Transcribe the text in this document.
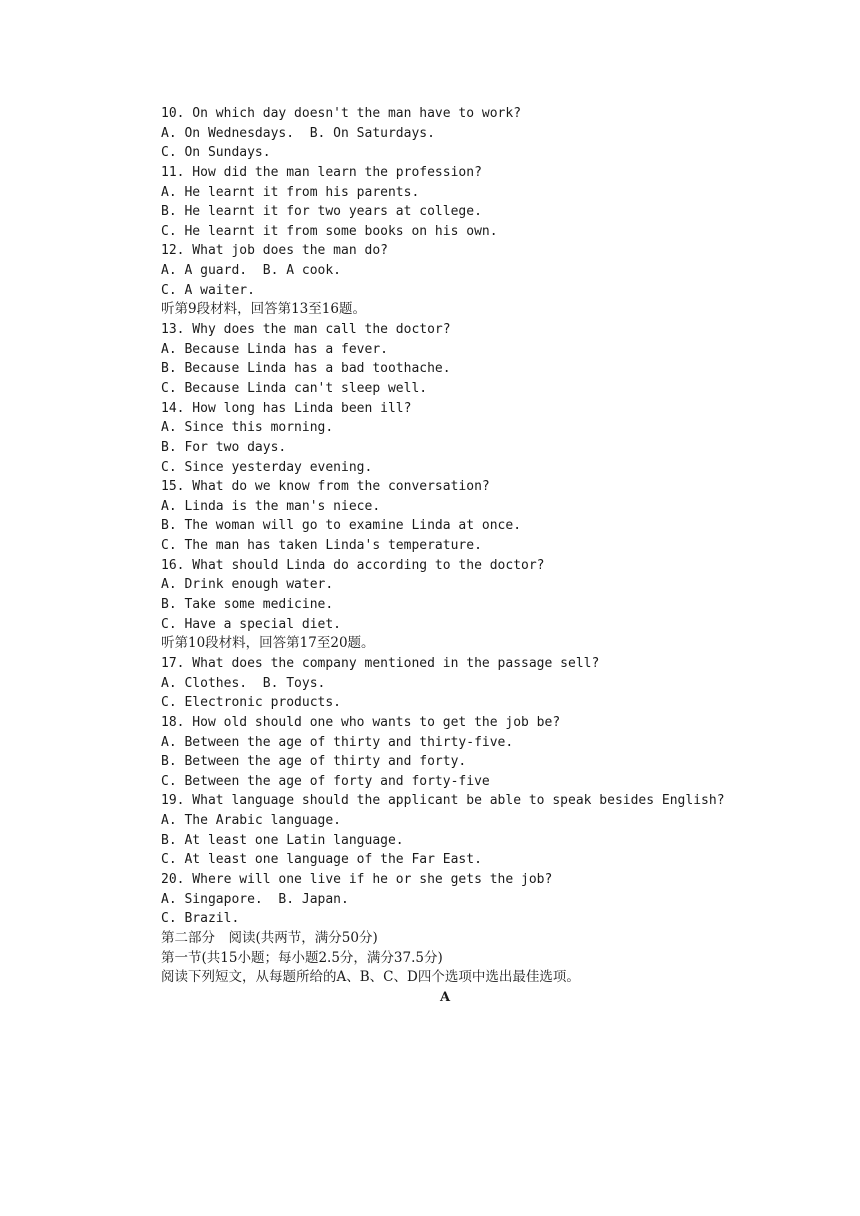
10. On which day doesn't the man have to work?
A. On Wednesdays.  B. On Saturdays.
C. On Sundays.
11. How did the man learn the profession?
A. He learnt it from his parents.
B. He learnt it for two years at college.
C. He learnt it from some books on his own.
12. What job does the man do?
A. A guard.  B. A cook.
C. A waiter.
听第9段材料，回答第13至16题。
13. Why does the man call the doctor?
A. Because Linda has a fever.
B. Because Linda has a bad toothache.
C. Because Linda can't sleep well.
14. How long has Linda been ill?
A. Since this morning.
B. For two days.
C. Since yesterday evening.
15. What do we know from the conversation?
A. Linda is the man's niece.
B. The woman will go to examine Linda at once.
C. The man has taken Linda's temperature.
16. What should Linda do according to the doctor?
A. Drink enough water.
B. Take some medicine.
C. Have a special diet.
听第10段材料，回答第17至20题。
17. What does the company mentioned in the passage sell?
A. Clothes.  B. Toys.
C. Electronic products.
18. How old should one who wants to get the job be?
A. Between the age of thirty and thirty-five.
B. Between the age of thirty and forty.
C. Between the age of forty and forty-five
19. What language should the applicant be able to speak besides English?
A. The Arabic language.
B. At least one Latin language.
C. At least one language of the Far East.
20. Where will one live if he or she gets the job?
A. Singapore.  B. Japan.
C. Brazil.
第二部分　阅读(共两节，满分50分)
第一节(共15小题；每小题2.5分，满分37.5分)
阅读下列短文，从每题所给的A、B、C、D四个选项中选出最佳选项。
A
